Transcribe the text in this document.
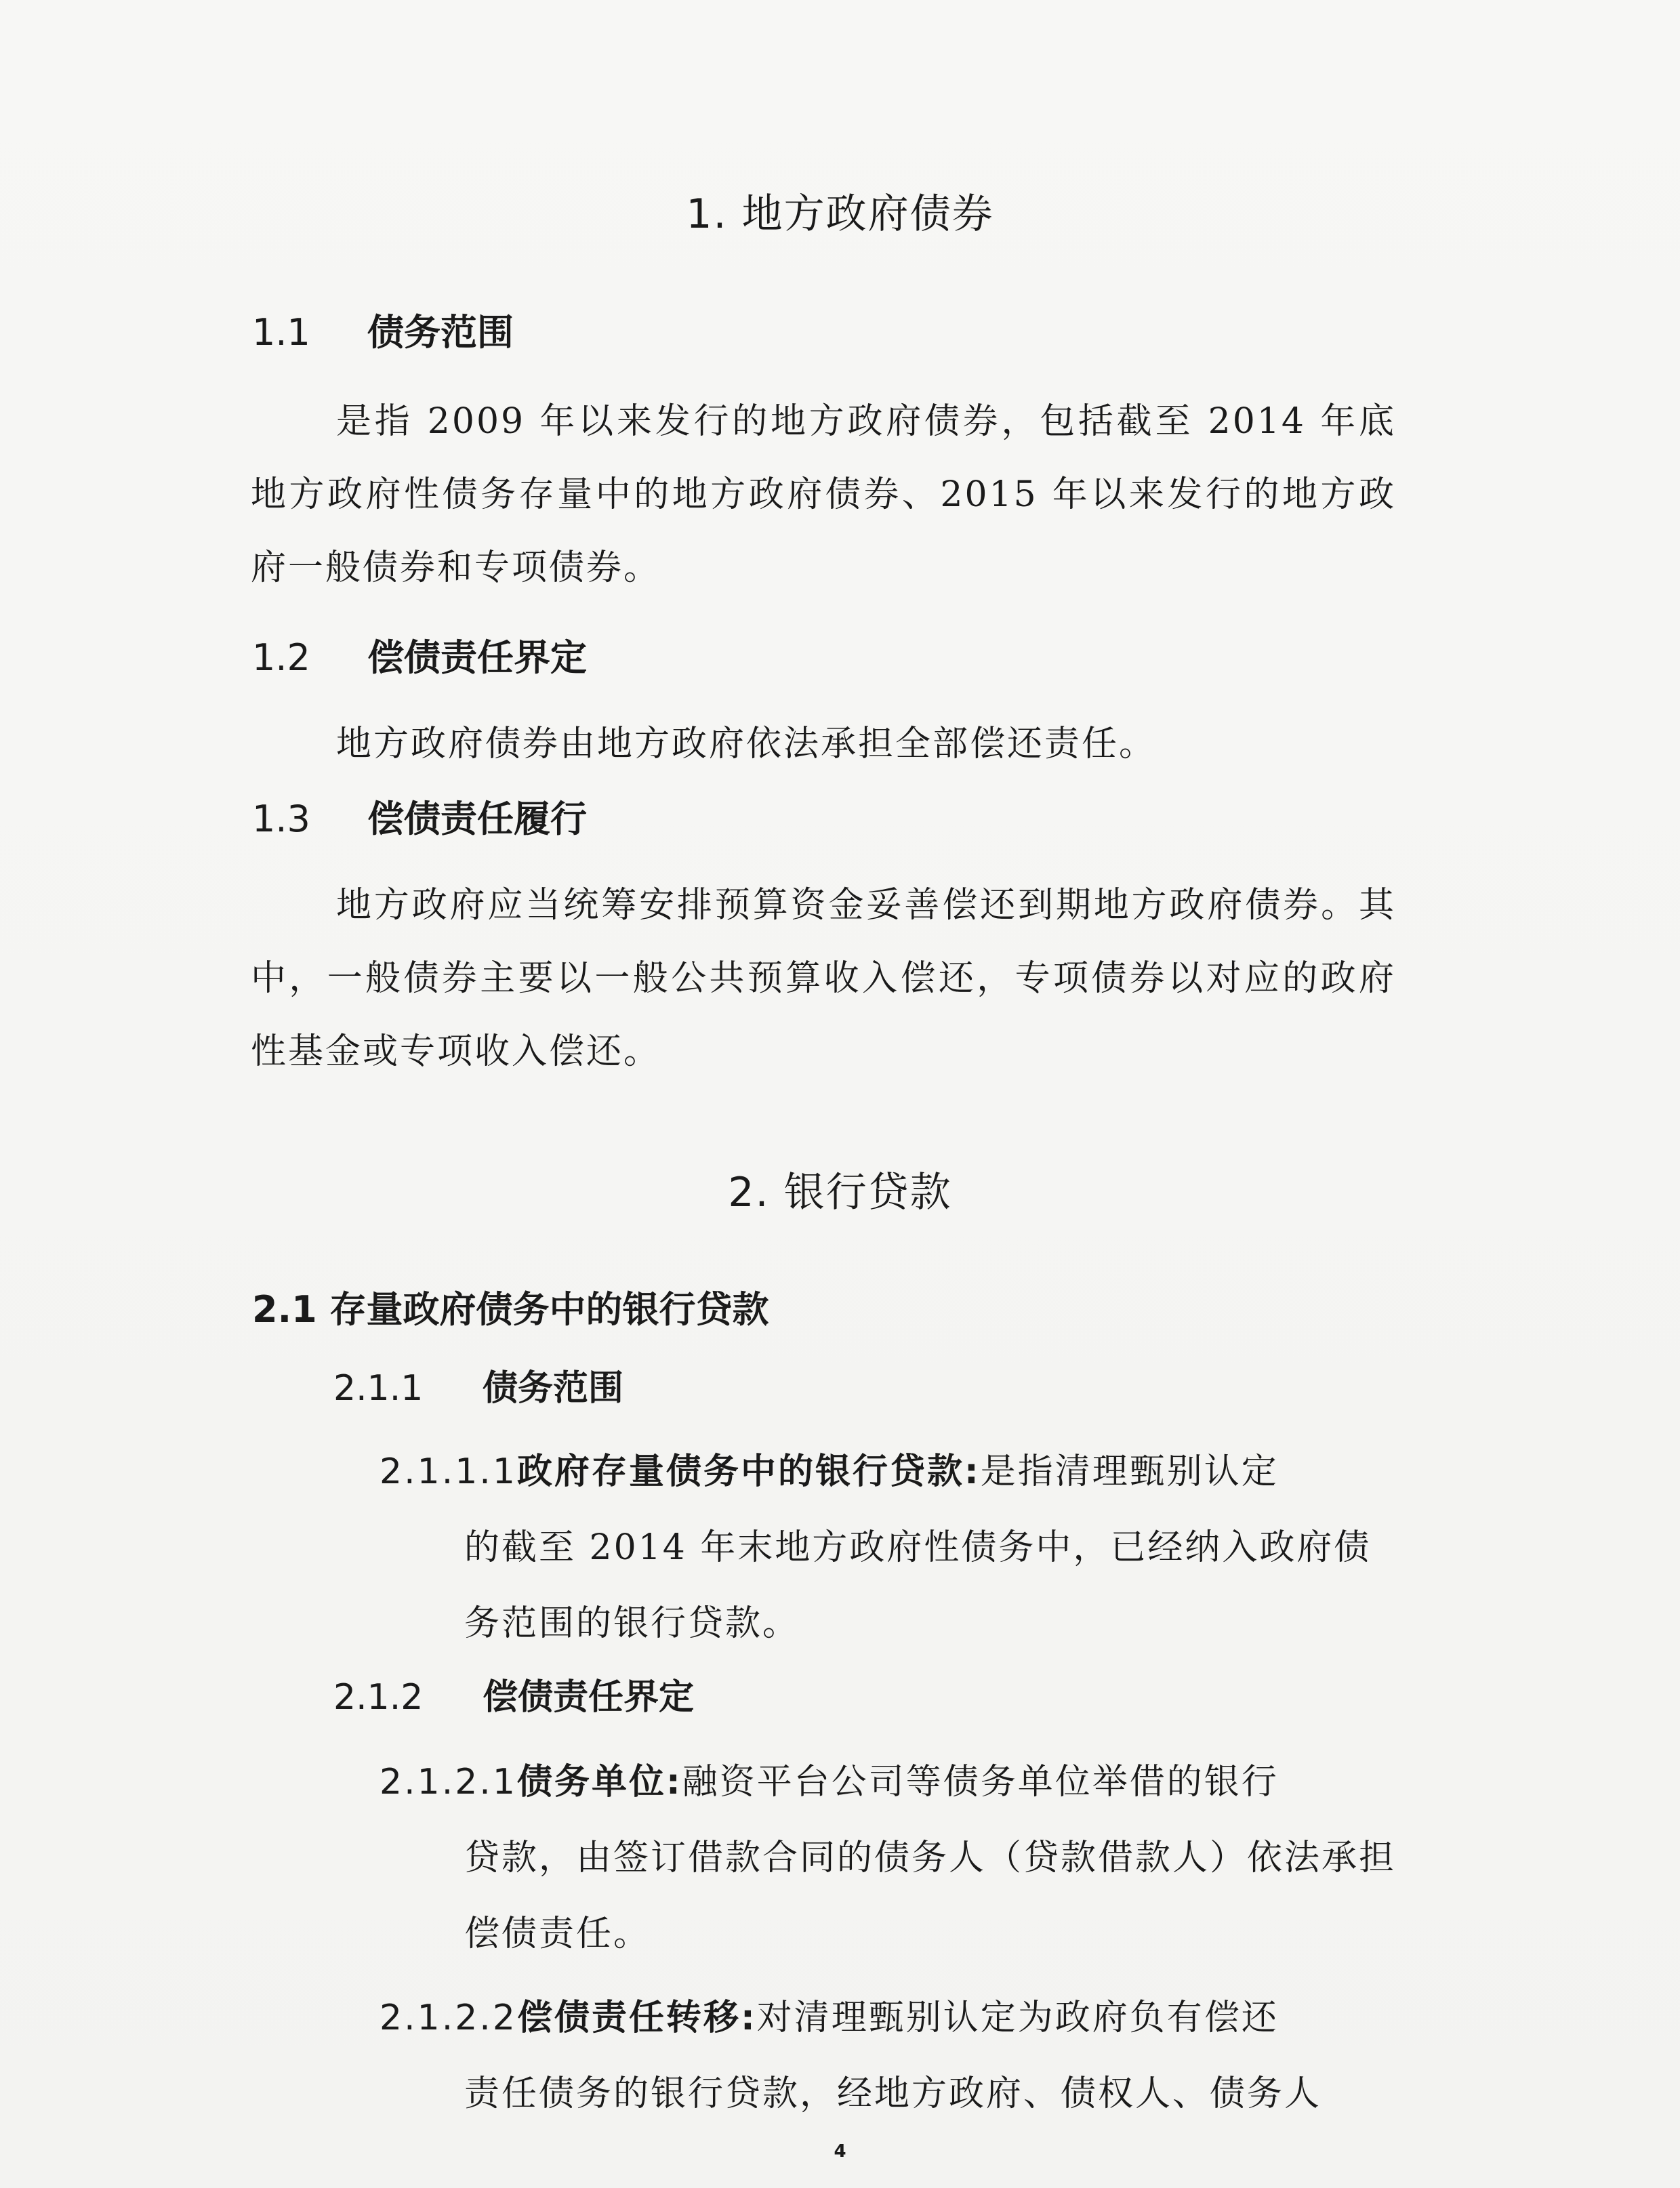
1. 地方政府债券
1.1 债务范围
是指 2009 年以来发行的地方政府债券，包括截至 2014 年底地方政府性债务存量中的地方政府债券、2015 年以来发行的地方政府一般债券和专项债券。
1.2 偿债责任界定
地方政府债券由地方政府依法承担全部偿还责任。
1.3 偿债责任履行
地方政府应当统筹安排预算资金妥善偿还到期地方政府债券。其中，一般债券主要以一般公共预算收入偿还，专项债券以对应的政府性基金或专项收入偿还。
2. 银行贷款
2.1 存量政府债务中的银行贷款
2.1.1 债务范围
2.1.1.1政府存量债务中的银行贷款:是指清理甄别认定
的截至 2014 年末地方政府性债务中，已经纳入政府债务范围的银行贷款。
2.1.2 偿债责任界定
2.1.2.1债务单位:融资平台公司等债务单位举借的银行
贷款，由签订借款合同的债务人（贷款借款人）依法承担偿债责任。
2.1.2.2偿债责任转移:对清理甄别认定为政府负有偿还
责任债务的银行贷款，经地方政府、债权人、债务人
4
